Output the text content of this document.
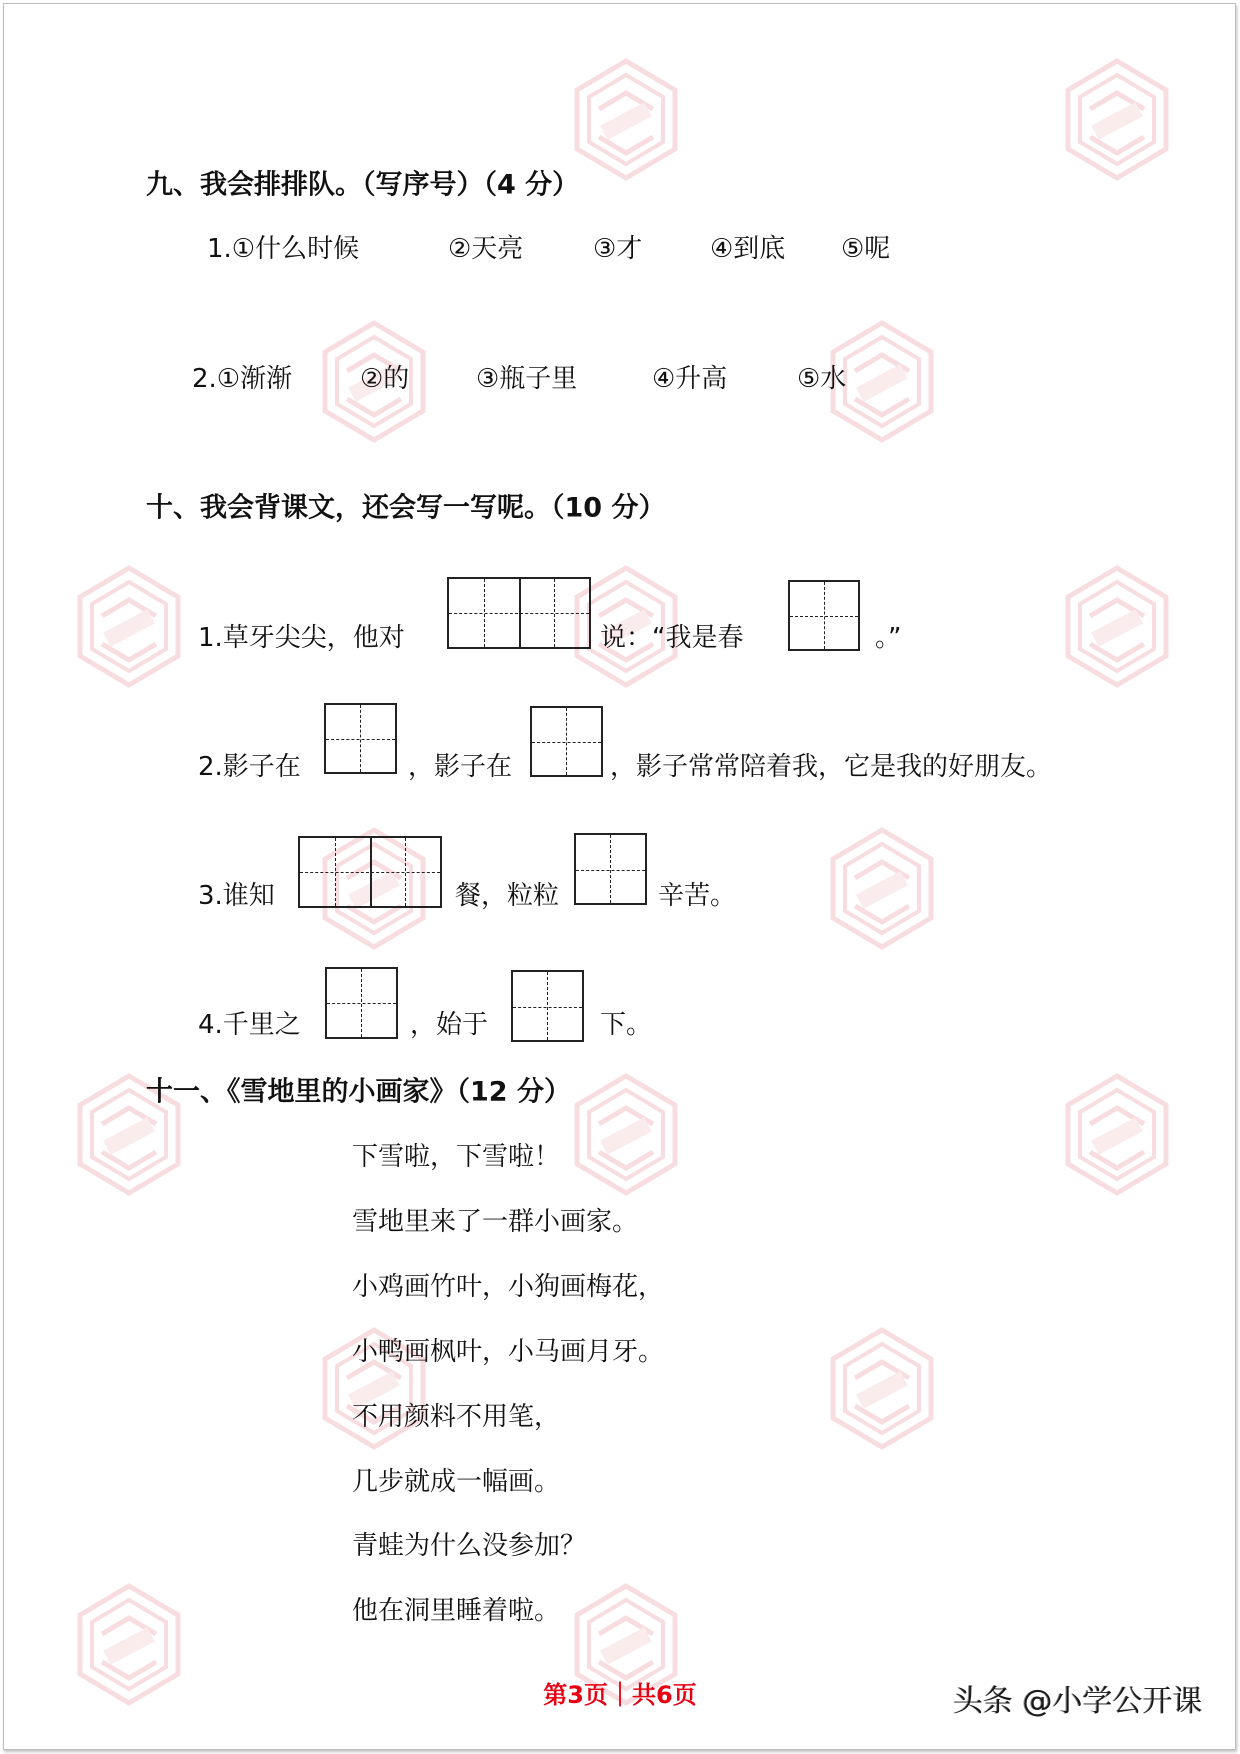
九、我会排排队。（写序号）（4 分）
1.①什么时候	②天亮	③才	④到底 ⑤呢
2.①渐渐	②的	③瓶子里	④升高	⑤水
十、我会背课文，还会写一写呢。（10 分）
1.草牙尖尖，他对	说：“我是春	。”
2.影子在	，影子在	，影子常常陪着我，它是我的好朋友。
3.谁知	餐，粒粒	辛苦。
4.千里之	，始于	下。
十一、《雪地里的小画家》（12 分）
下雪啦，下雪啦！
雪地里来了一群小画家。
小鸡画竹叶，小狗画梅花，
小鸭画枫叶，小马画月牙。
不用颜料不用笔，
几步就成一幅画。
青蛙为什么没参加？
他在洞里睡着啦。
第3页｜共6页	头条 @小学公开课
